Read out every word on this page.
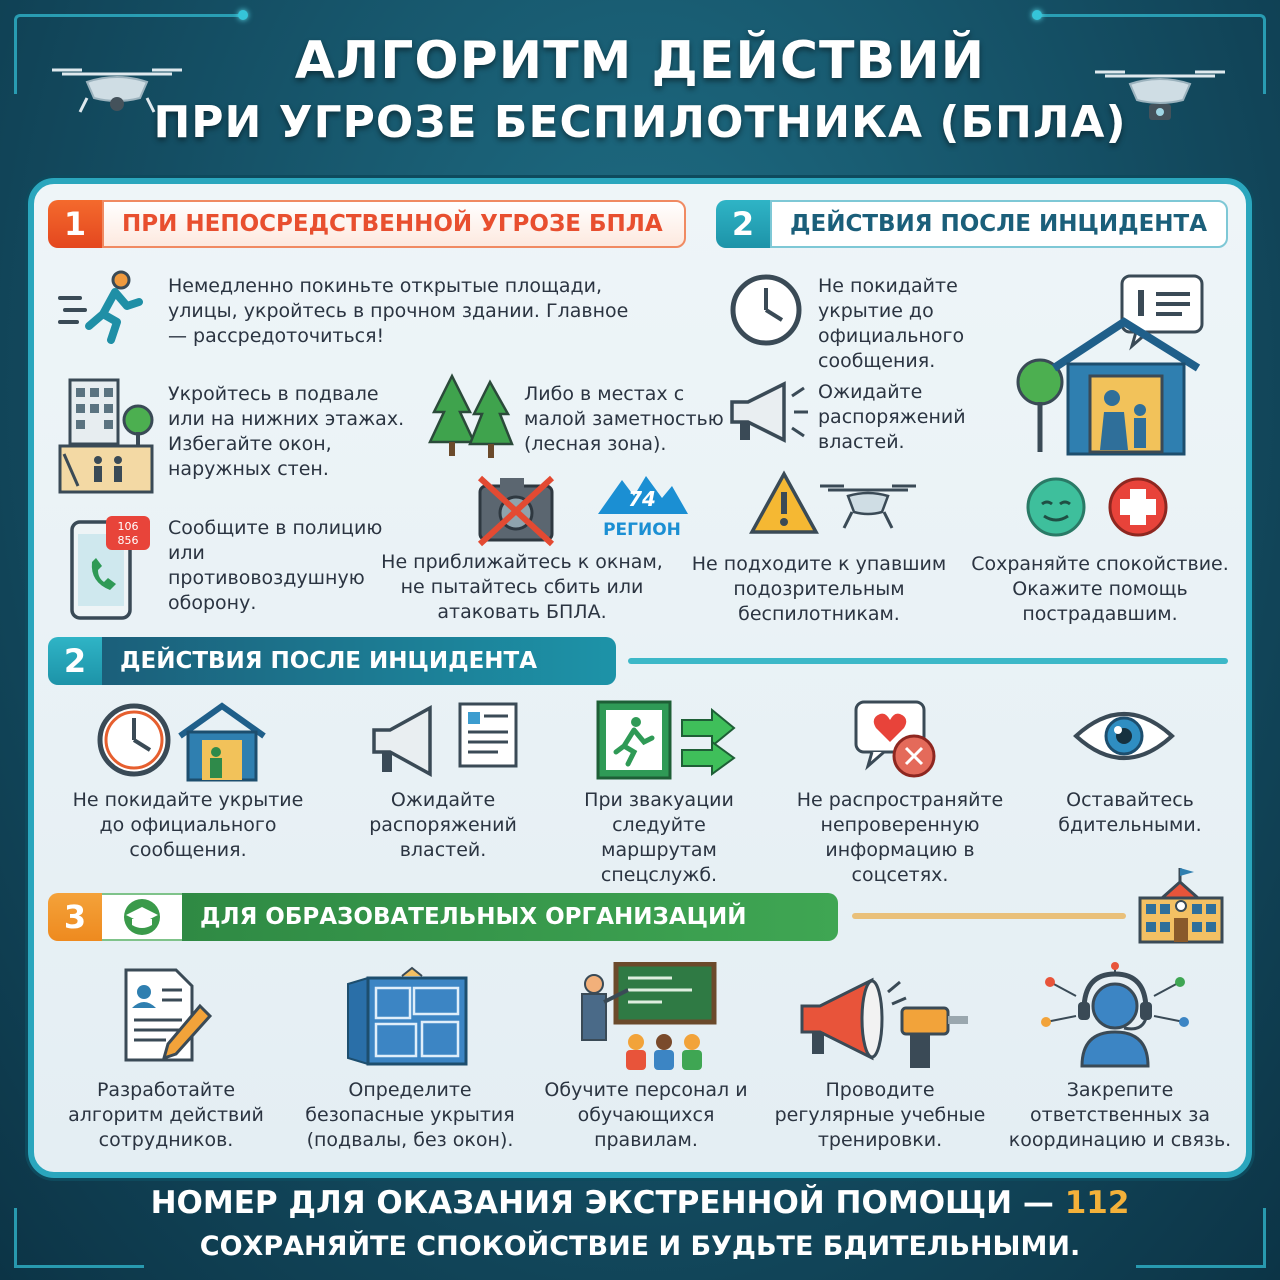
АЛГОРИТМ ДЕЙСТВИЙ
ПРИ УГРОЗЕ БЕСПИЛОТНИКА (БПЛА)
1	ПРИ НЕПОСРЕДСТВЕННОЙ УГРОЗЕ БПЛА	2	ДЕЙСТВИЯ ПОСЛЕ ИНЦИДЕНТА
Немедленно покиньте открытые площади, улицы, укройтесь в прочном здании. Главное — рассредоточиться!
Укройтесь в подвале или на нижних этажах. Избегайте окон, наружных стен.
Либо в местах с малой заметностью (лесная зона).
106
856
Сообщите в полицию или противовоздушную оборону.
Не приближайтесь к окнам, не пытайтесь сбить или атаковать БПЛА.
74
РЕГИОН
Не покидайте укрытие до официального сообщения.
Ожидайте распоряжений властей.
Не подходите к упавшим подозрительным беспилотникам.
Сохраняйте спокойствие. Окажите помощь пострадавшим.
2	ДЕЙСТВИЯ ПОСЛЕ ИНЦИДЕНТА
Не покидайте укрытие до официального сообщения.
Ожидайте распоряжений властей.
При звакуации следуйте маршрутам спецслужб.
Не распространяйте непроверенную информацию в соцсетях.
Оставайтесь бдительными.
3	ДЛЯ ОБРАЗОВАТЕЛЬНЫХ ОРГАНИЗАЦИЙ
Разработайте алгоритм действий сотрудников.
Определите безопасные укрытия (подвалы, без окон).
Обучите персонал и обучающихся правилам.
Проводите регулярные учебные тренировки.
Закрепите ответственных за координацию и связь.
НОМЕР ДЛЯ ОКАЗАНИЯ ЭКСТРЕННОЙ ПОМОЩИ — 112
СОХРАНЯЙТЕ СПОКОЙСТВИЕ И БУДЬТЕ БДИТЕЛЬНЫМИ.
